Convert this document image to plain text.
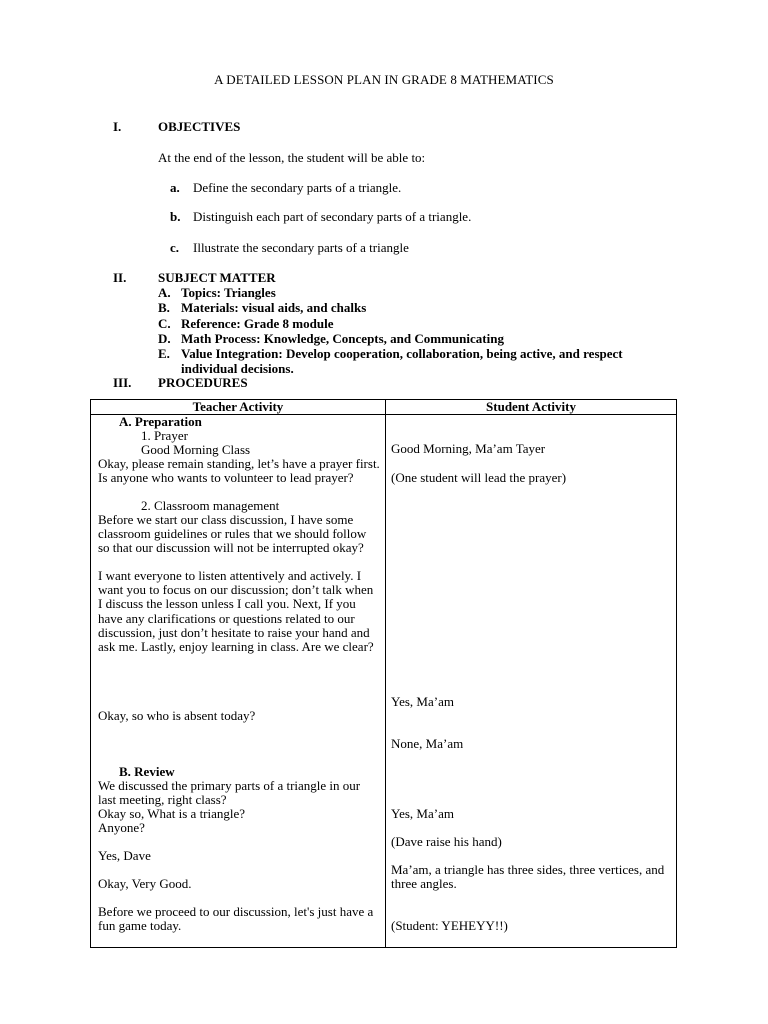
A DETAILED LESSON PLAN IN GRADE 8 MATHEMATICS
I.	OBJECTIVES
At the end of the lesson, the student will be able to:
a. Define the secondary parts of a triangle.
b. Distinguish each part of secondary parts of a triangle.
c. Illustrate the secondary parts of a triangle
II. SUBJECT MATTER
A. Topics: Triangles
B. Materials: visual aids, and chalks
C. Reference: Grade 8 module
D. Math Process: Knowledge, Concepts, and Communicating
E. Value Integration: Develop cooperation, collaboration, being active, and respect individual decisions.
III. PROCEDURES
Teacher Activity	Student Activity
A. Preparation
1. Prayer
Good Morning Class
Okay, please remain standing, let’s have a prayer first. Is anyone who wants to volunteer to lead prayer?
2. Classroom management
Before we start our class discussion, I have some classroom guidelines or rules that we should follow so that our discussion will not be interrupted okay?
I want everyone to listen attentively and actively. I want you to focus on our discussion; don’t talk when I discuss the lesson unless I call you. Next, If you have any clarifications or questions related to our discussion, just don’t hesitate to raise your hand and ask me. Lastly, enjoy learning in class. Are we clear?
Okay, so who is absent today?
B. Review
We discussed the primary parts of a triangle in our last meeting, right class?
Okay so, What is a triangle?
Anyone?
Yes, Dave
Okay, Very Good.
Before we proceed to our discussion, let's just have a fun game today.
Good Morning, Ma’am Tayer
(One student will lead the prayer)
Yes, Ma’am
None, Ma’am
Yes, Ma’am
(Dave raise his hand)
Ma’am, a triangle has three sides, three vertices, and three angles.
(Student: YEHEYY!!)
